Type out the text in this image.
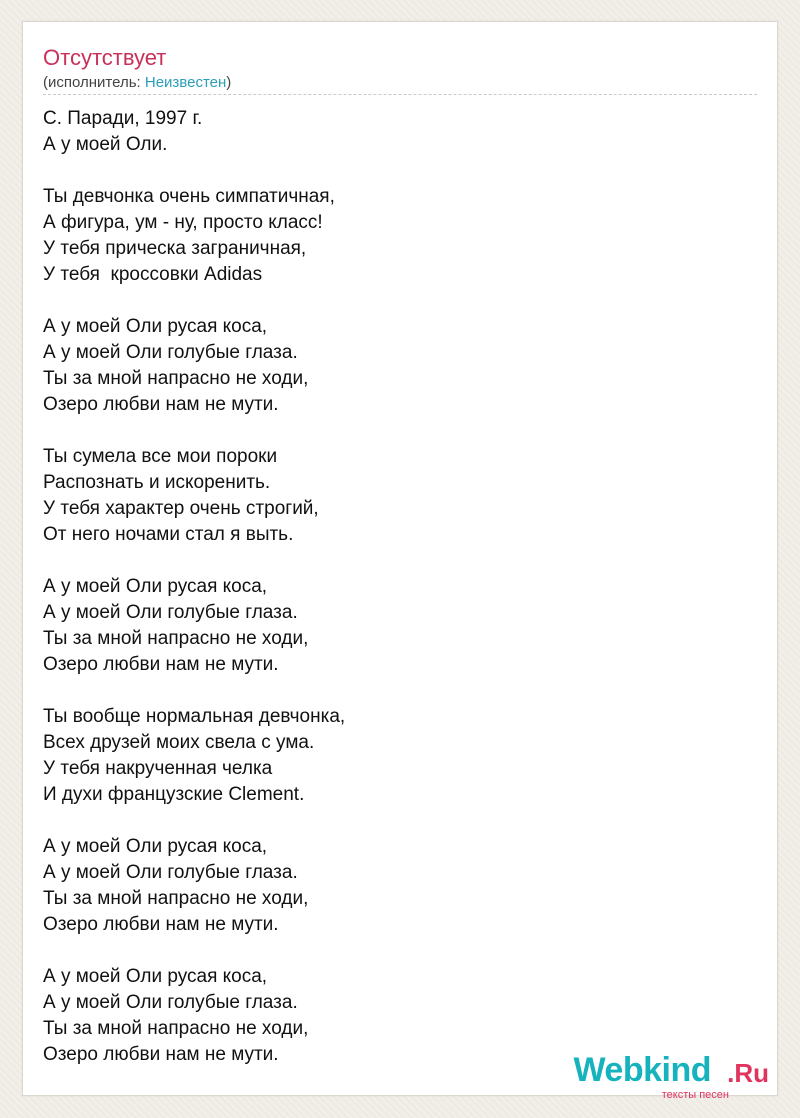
Отсутствует
(исполнитель: Неизвестен)
С. Паради, 1997 г.
А у моей Оли.
Ты девчонка очень симпатичная,
А фигура, ум - ну, просто класс!
У тебя прическа заграничная,
У тебя  кроссовки Adidas
А у моей Оли русая коса,
А у моей Оли голубые глаза.
Ты за мной напрасно не ходи,
Озеро любви нам не мути.
Ты сумела все мои пороки
Распознать и искоренить.
У тебя характер очень строгий,
От него ночами стал я выть.
А у моей Оли русая коса,
А у моей Оли голубые глаза.
Ты за мной напрасно не ходи,
Озеро любви нам не мути.
Ты вообще нормальная девчонка,
Всех друзей моих свела с ума.
У тебя накрученная челка
И духи французские Clement.
А у моей Оли русая коса,
А у моей Оли голубые глаза.
Ты за мной напрасно не ходи,
Озеро любви нам не мути.
А у моей Оли русая коса,
А у моей Оли голубые глаза.
Ты за мной напрасно не ходи,
Озеро любви нам не мути.	Webkind .Ru
тексты песен
